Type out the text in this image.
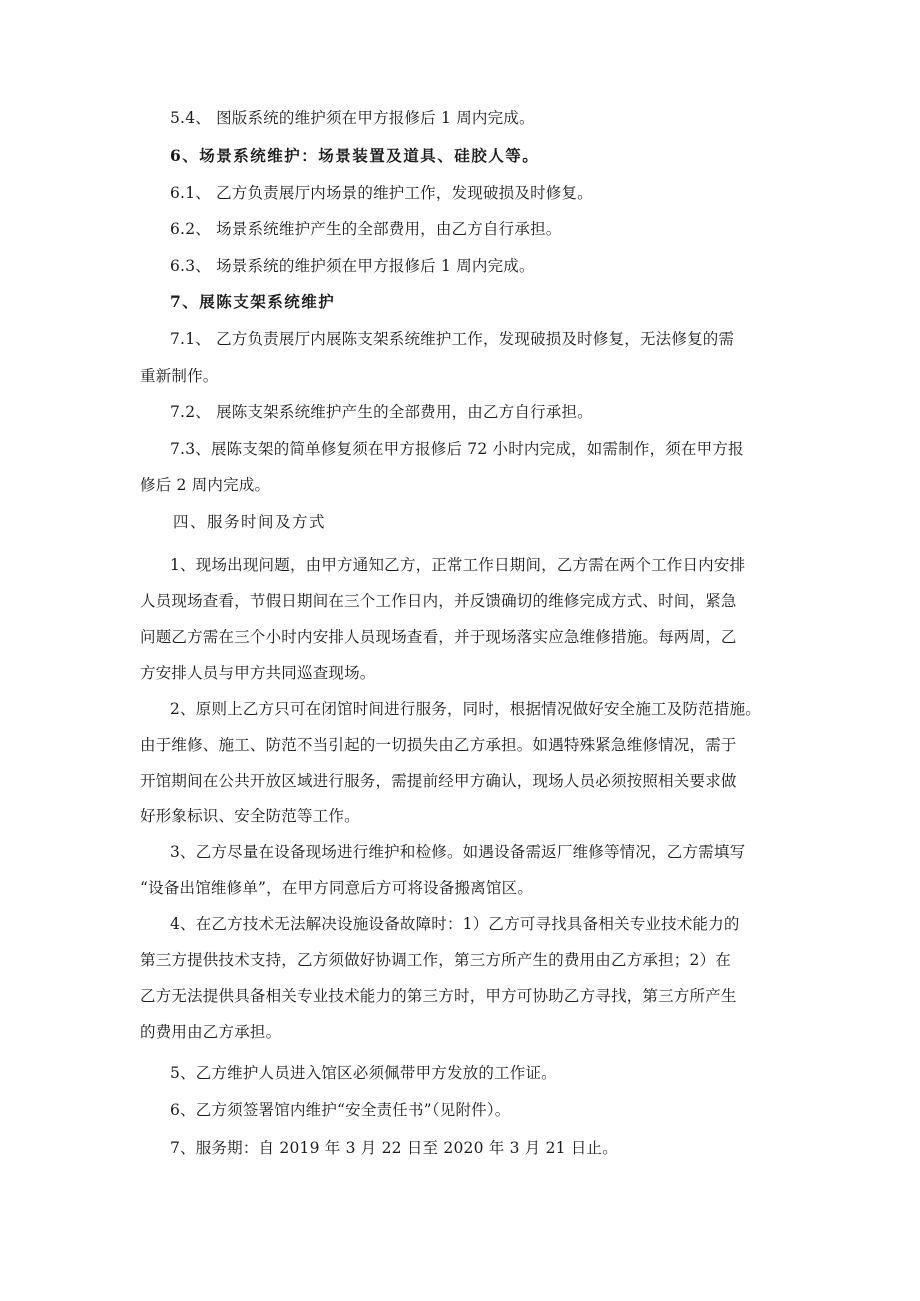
5.4、 图版系统的维护须在甲方报修后 1 周内完成。
6、场景系统维护：场景装置及道具、硅胶人等。
6.1、 乙方负责展厅内场景的维护工作，发现破损及时修复。
6.2、 场景系统维护产生的全部费用，由乙方自行承担。
6.3、 场景系统的维护须在甲方报修后 1 周内完成。
7、展陈支架系统维护
7.1、 乙方负责展厅内展陈支架系统维护工作，发现破损及时修复，无法修复的需
重新制作。
7.2、 展陈支架系统维护产生的全部费用，由乙方自行承担。
7.3、展陈支架的简单修复须在甲方报修后 72 小时内完成，如需制作，须在甲方报
修后 2 周内完成。
四、服务时间及方式
1、现场出现问题，由甲方通知乙方，正常工作日期间，乙方需在两个工作日内安排
人员现场查看，节假日期间在三个工作日内，并反馈确切的维修完成方式、时间，紧急
问题乙方需在三个小时内安排人员现场查看，并于现场落实应急维修措施。每两周，乙
方安排人员与甲方共同巡查现场。
2、原则上乙方只可在闭馆时间进行服务，同时，根据情况做好安全施工及防范措施。
由于维修、施工、防范不当引起的一切损失由乙方承担。如遇特殊紧急维修情况，需于
开馆期间在公共开放区域进行服务，需提前经甲方确认，现场人员必须按照相关要求做
好形象标识、安全防范等工作。
3、乙方尽量在设备现场进行维护和检修。如遇设备需返厂维修等情况，乙方需填写
“设备出馆维修单”，在甲方同意后方可将设备搬离馆区。
4、在乙方技术无法解决设施设备故障时：1）乙方可寻找具备相关专业技术能力的
第三方提供技术支持，乙方须做好协调工作，第三方所产生的费用由乙方承担；2）在
乙方无法提供具备相关专业技术能力的第三方时，甲方可协助乙方寻找，第三方所产生
的费用由乙方承担。
5、乙方维护人员进入馆区必须佩带甲方发放的工作证。
6、乙方须签署馆内维护“安全责任书”（见附件）。
7、服务期：自 2019 年 3 月 22 日至 2020 年 3 月 21 日止。
